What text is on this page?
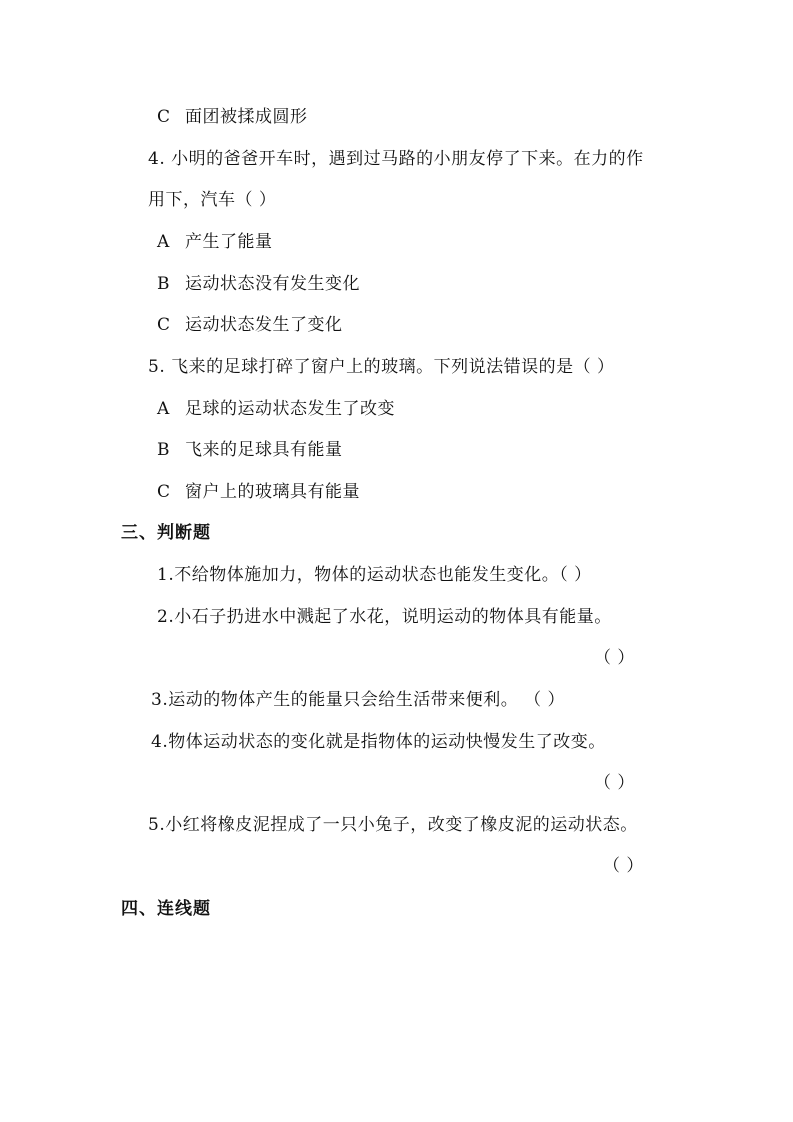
C 面团被揉成圆形
4. 小明的爸爸开车时，遇到过马路的小朋友停了下来。在力的作
用下，汽车（ ）
A 产生了能量
B 运动状态没有发生变化
C 运动状态发生了变化
5. 飞来的足球打碎了窗户上的玻璃。下列说法错误的是（ ）
A 足球的运动状态发生了改变
B 飞来的足球具有能量
C 窗户上的玻璃具有能量
三、判断题
1.不给物体施加力，物体的运动状态也能发生变化。（ ）
2.小石子扔进水中溅起了水花，说明运动的物体具有能量。
（ ）
3.运动的物体产生的能量只会给生活带来便利。 （ ）
4.物体运动状态的变化就是指物体的运动快慢发生了改变。
（ ）
5.小红将橡皮泥捏成了一只小兔子，改变了橡皮泥的运动状态。
（ ）
四、连线题
